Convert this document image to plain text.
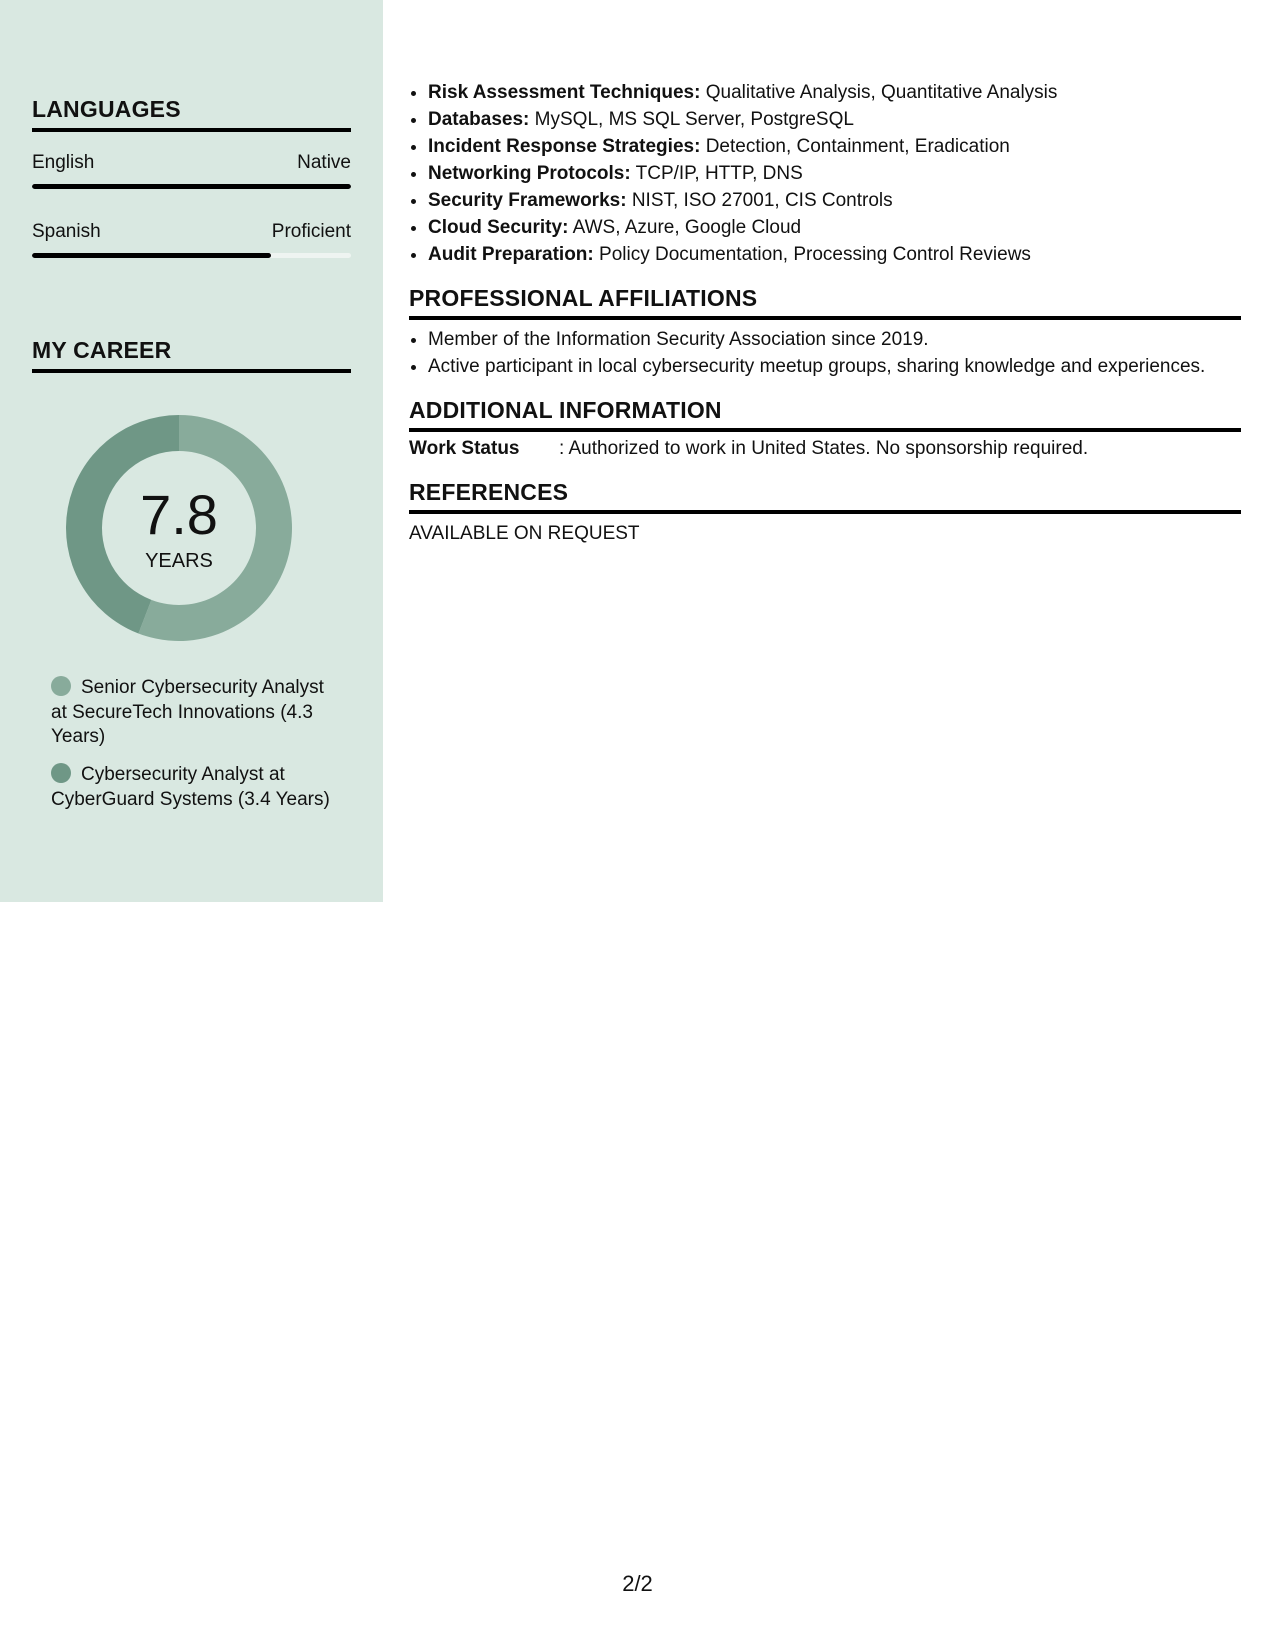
LANGUAGES
English	Native
Spanish	Proficient
MY CAREER
7.8
YEARS
Senior Cybersecurity Analyst at SecureTech Innovations (4.3 Years)
Cybersecurity Analyst at CyberGuard Systems (3.4 Years)
• Risk Assessment Techniques: Qualitative Analysis, Quantitative Analysis
• Databases: MySQL, MS SQL Server, PostgreSQL
• Incident Response Strategies: Detection, Containment, Eradication
• Networking Protocols: TCP/IP, HTTP, DNS
• Security Frameworks: NIST, ISO 27001, CIS Controls
• Cloud Security: AWS, Azure, Google Cloud
• Audit Preparation: Policy Documentation, Processing Control Reviews
PROFESSIONAL AFFILIATIONS
• Member of the Information Security Association since 2019.
• Active participant in local cybersecurity meetup groups, sharing knowledge and experiences.
ADDITIONAL INFORMATION
Work Status : Authorized to work in United States. No sponsorship required.
REFERENCES
AVAILABLE ON REQUEST
2/2
